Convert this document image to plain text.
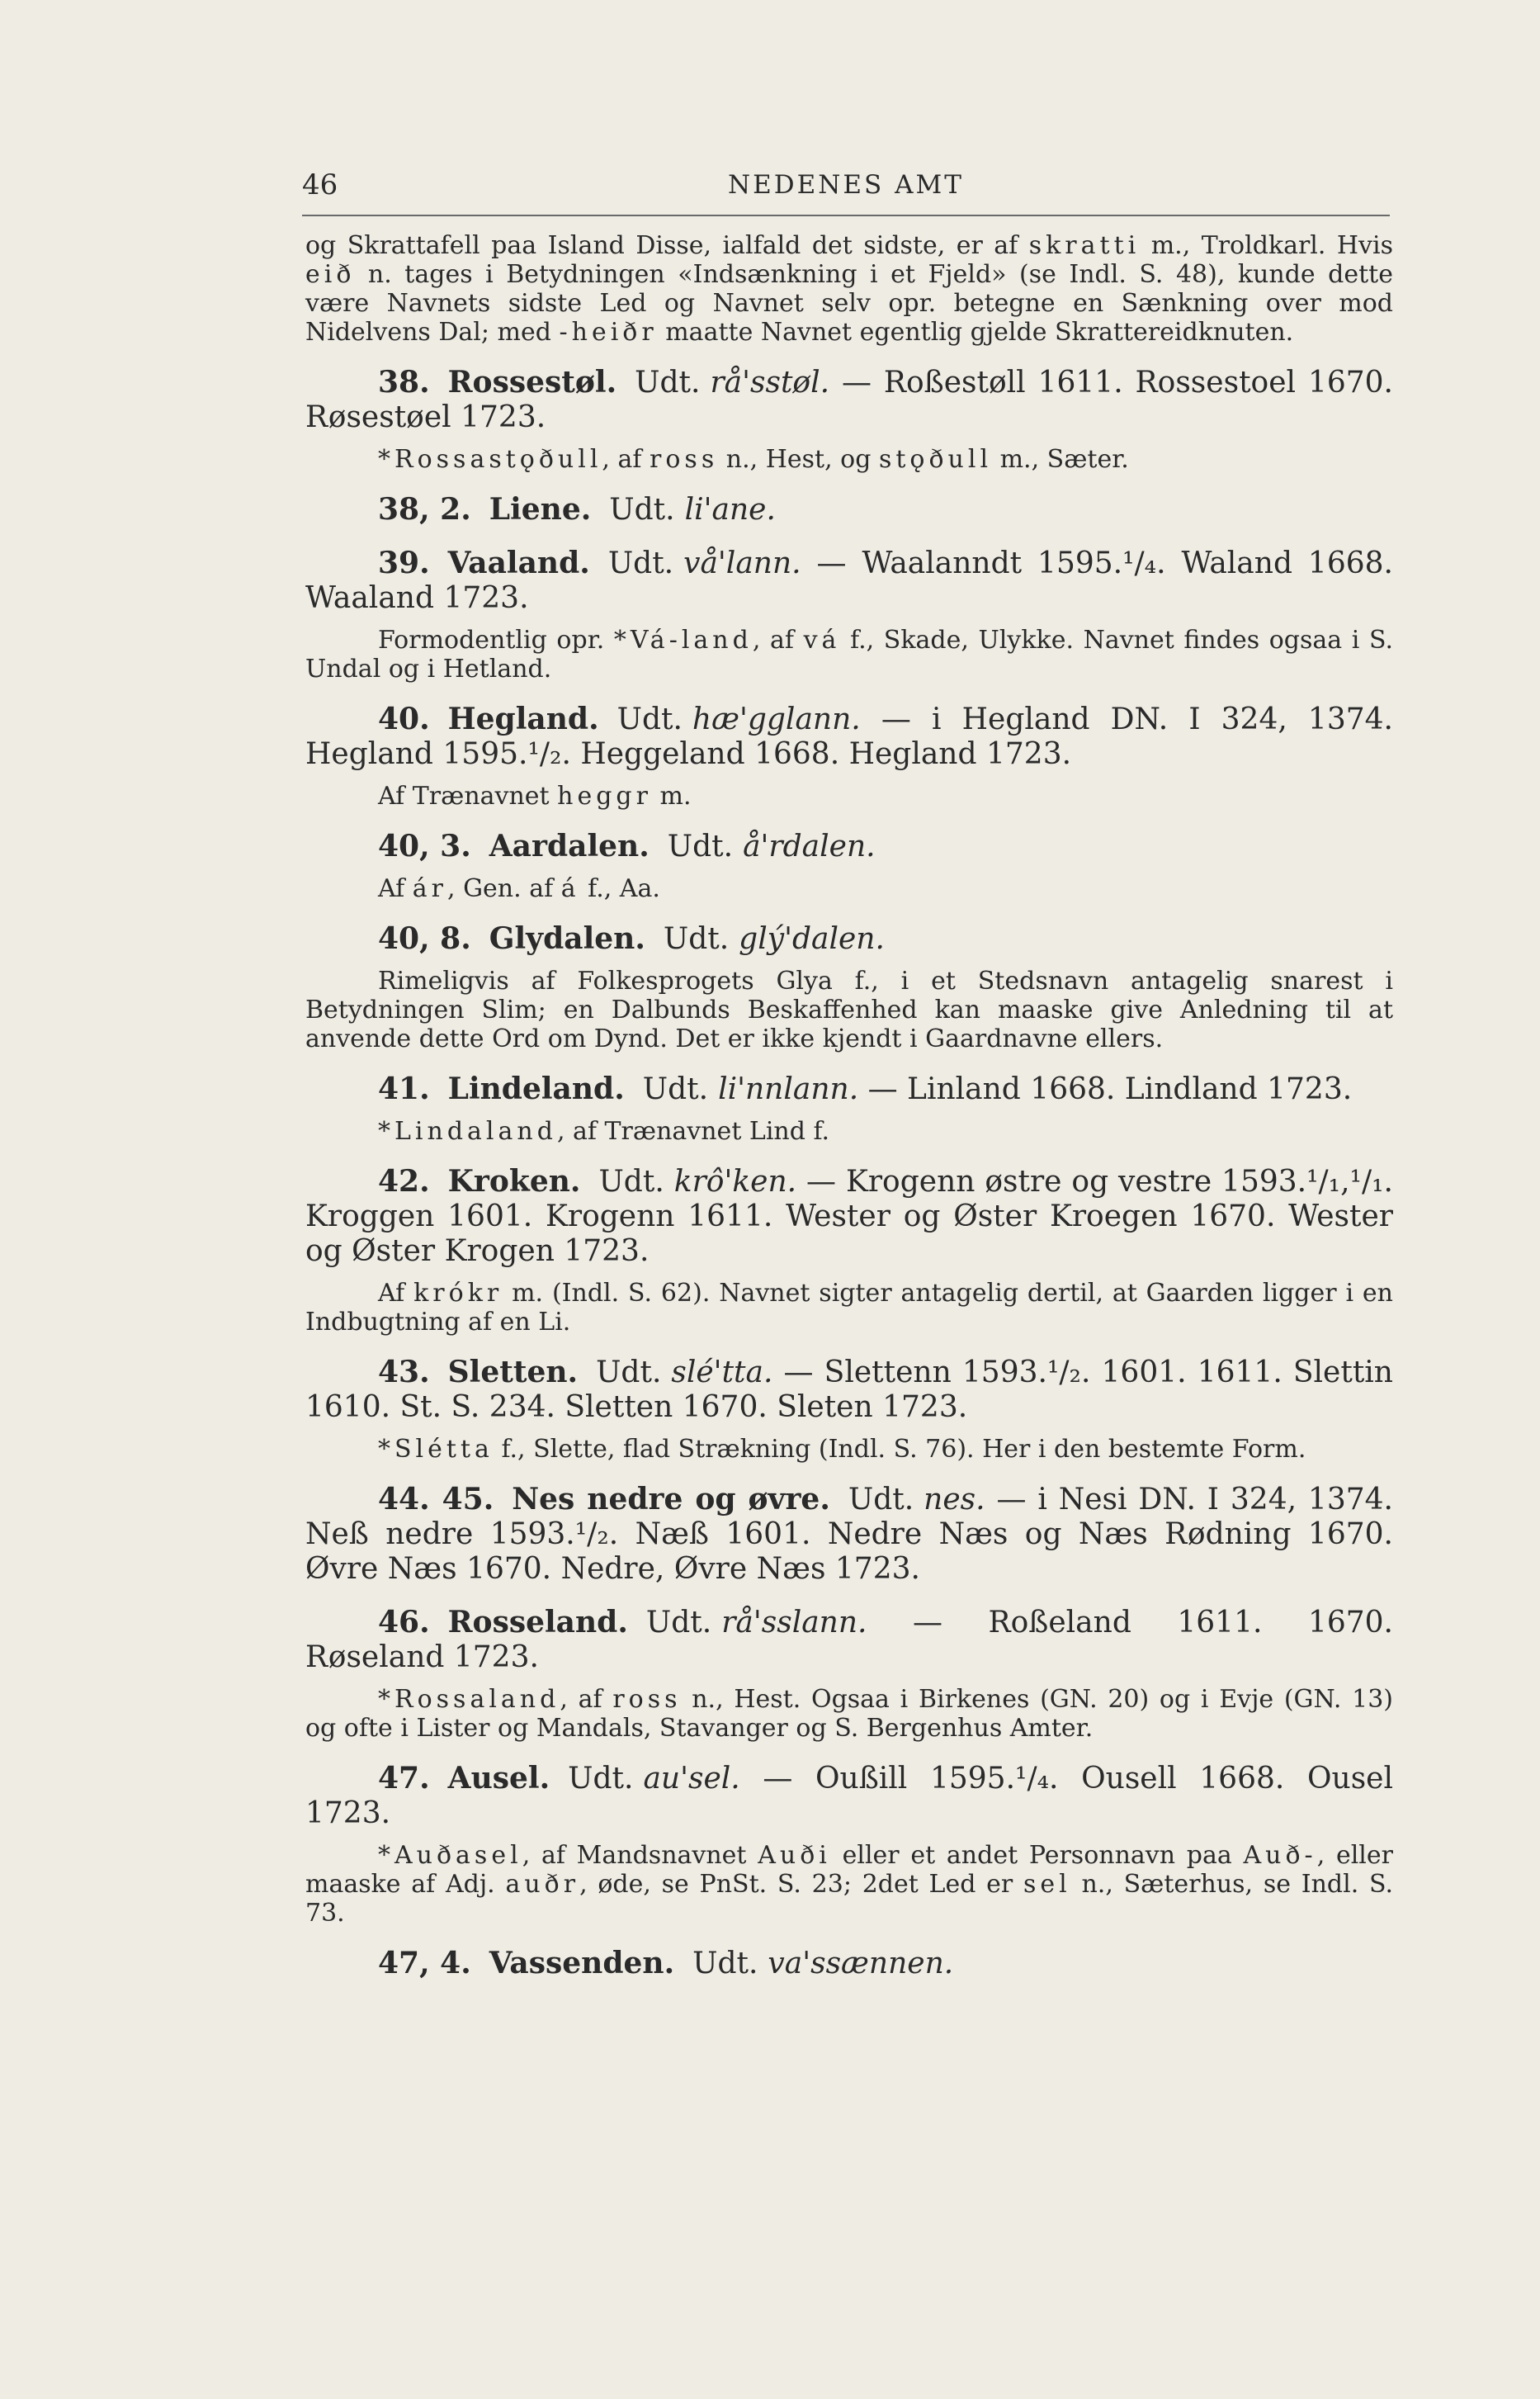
46	NEDENES AMT

og Skrattafell paa Island Disse, ialfald det sidste, er af skratti m., Troldkarl. Hvis eið n. tages i Betydningen «Indsænkning i et Fjeld» (se Indl. S. 48), kunde dette være Navnets sidste Led og Navnet selv opr. betegne en Sænkning over mod Nidelvens Dal; med -heiðr maatte Navnet egentlig gjelde Skrattereidknuten.

38. Rossestøl. Udt. rå'sstøl. — Roßestøll 1611. Rossestoel 1670. Røsestøel 1723.

*Rossastǫðull, af ross n., Hest, og stǫðull m., Sæter.

38, 2. Liene. Udt. li'ane.

39. Vaaland. Udt. vå'lann. — Waalanndt 1595.¹/₄. Waland 1668. Waaland 1723.

Formodentlig opr. *Vá-land, af vá f., Skade, Ulykke. Navnet findes ogsaa i S. Undal og i Hetland.

40. Hegland. Udt. hæ'gglann. — i Hegland DN. I 324, 1374. Hegland 1595.¹/₂. Heggeland 1668. Hegland 1723.

Af Trænavnet heggr m.

40, 3. Aardalen. Udt. å'rdalen.

Af ár, Gen. af á f., Aa.

40, 8. Glydalen. Udt. glý'dalen.

Rimeligvis af Folkesprogets Glya f., i et Stedsnavn antagelig snarest i Betydningen Slim; en Dalbunds Beskaffenhed kan maaske give Anledning til at anvende dette Ord om Dynd. Det er ikke kjendt i Gaardnavne ellers.

41. Lindeland. Udt. li'nnlann. — Linland 1668. Lindland 1723.

*Lindaland, af Trænavnet Lind f.

42. Kroken. Udt. krô'ken. — Krogenn østre og vestre 1593.¹/₁,¹/₁. Kroggen 1601. Krogenn 1611. Wester og Øster Kroegen 1670. Wester og Øster Krogen 1723.

Af krókr m. (Indl. S. 62). Navnet sigter antagelig dertil, at Gaarden ligger i en Indbugtning af en Li.

43. Sletten. Udt. slé'tta. — Slettenn 1593.¹/₂. 1601. 1611. Slettin 1610. St. S. 234. Sletten 1670. Sleten 1723.

*Slétta f., Slette, flad Strækning (Indl. S. 76). Her i den bestemte Form.

44. 45. Nes nedre og øvre. Udt. nes. — i Nesi DN. I 324, 1374. Neß nedre 1593.¹/₂. Næß 1601. Nedre Næs og Næs Rødning 1670. Øvre Næs 1670. Nedre, Øvre Næs 1723.

46. Rosseland. Udt. rå'sslann. — Roßeland 1611. 1670. Røseland 1723.

*Rossaland, af ross n., Hest. Ogsaa i Birkenes (GN. 20) og i Evje (GN. 13) og ofte i Lister og Mandals, Stavanger og S. Bergenhus Amter.

47. Ausel. Udt. au'sel. — Oußill 1595.¹/₄. Ousell 1668. Ousel 1723.

*Auðasel, af Mandsnavnet Auði eller et andet Personnavn paa Auð-, eller maaske af Adj. auðr, øde, se PnSt. S. 23; 2det Led er sel n., Sæterhus, se Indl. S. 73.

47, 4. Vassenden. Udt. va'ssænnen.
